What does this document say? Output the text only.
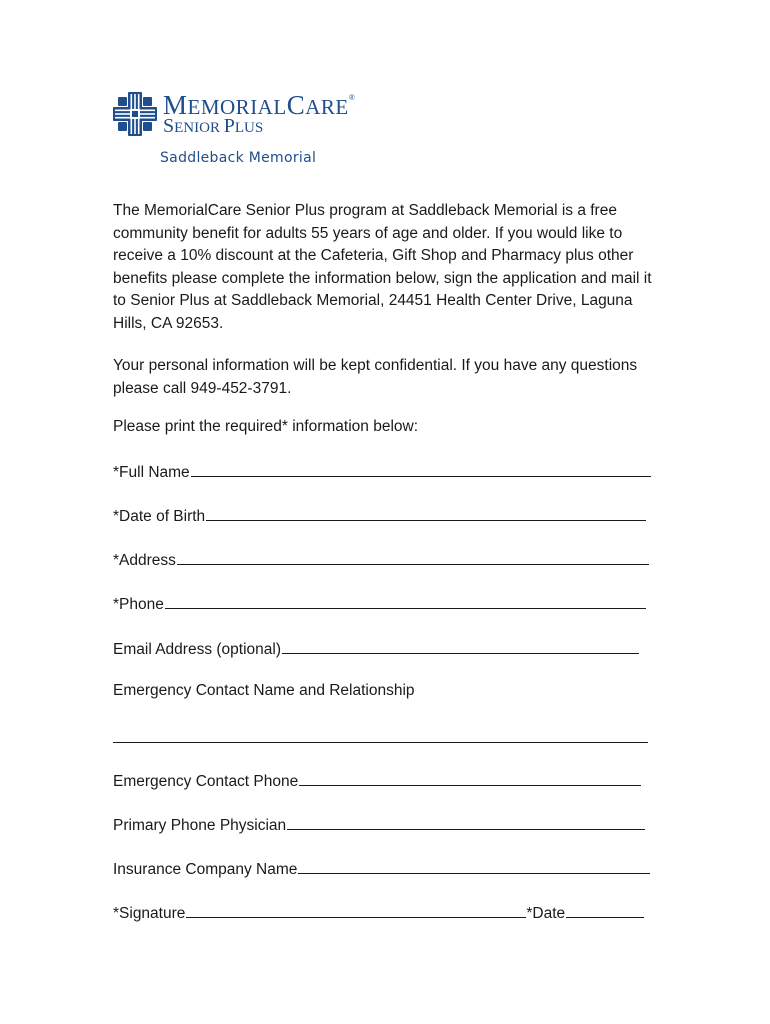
MEMORIALCARE®
SENIOR PLUS
Saddleback Memorial

The MemorialCare Senior Plus program at Saddleback Memorial is a free community benefit for adults 55 years of age and older. If you would like to receive a 10% discount at the Cafeteria, Gift Shop and Pharmacy plus other benefits please complete the information below, sign the application and mail it to Senior Plus at Saddleback Memorial, 24451 Health Center Drive, Laguna Hills, CA 92653.

Your personal information will be kept confidential. If you have any questions please call 949-452-3791.

Please print the required* information below:

*Full Name
*Date of Birth
*Address
*Phone
Email Address (optional)
Emergency Contact Name and Relationship
Emergency Contact Phone
Primary Phone Physician
Insurance Company Name
*Signature	*Date
